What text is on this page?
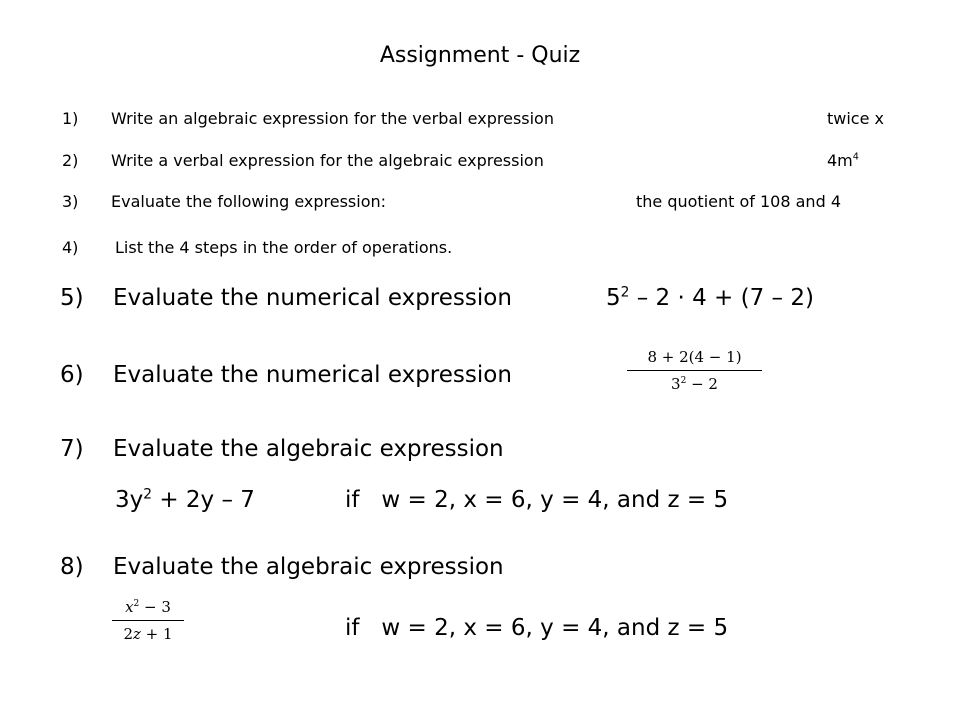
Assignment - Quiz
1) Write an algebraic expression for the verbal expression	twice x
2) Write a verbal expression for the algebraic expression	$4m^4$
3) Evaluate the following expression:	the quotient of 108 and 4
4) List the 4 steps in the order of operations.
5) Evaluate the numerical expression	$5^2 - 2 \cdot 4 + (7 - 2)$
6) Evaluate the numerical expression
8 + 2(4 − 1)
$3^2 - 2$
7) Evaluate the algebraic expression
$3y^2 + 2y - 7$	if   w = 2, x = 6, y = 4, and z = 5
8) Evaluate the algebraic expression
$x^2 - 3$
2z + 1	if   w = 2, x = 6, y = 4, and z = 5
